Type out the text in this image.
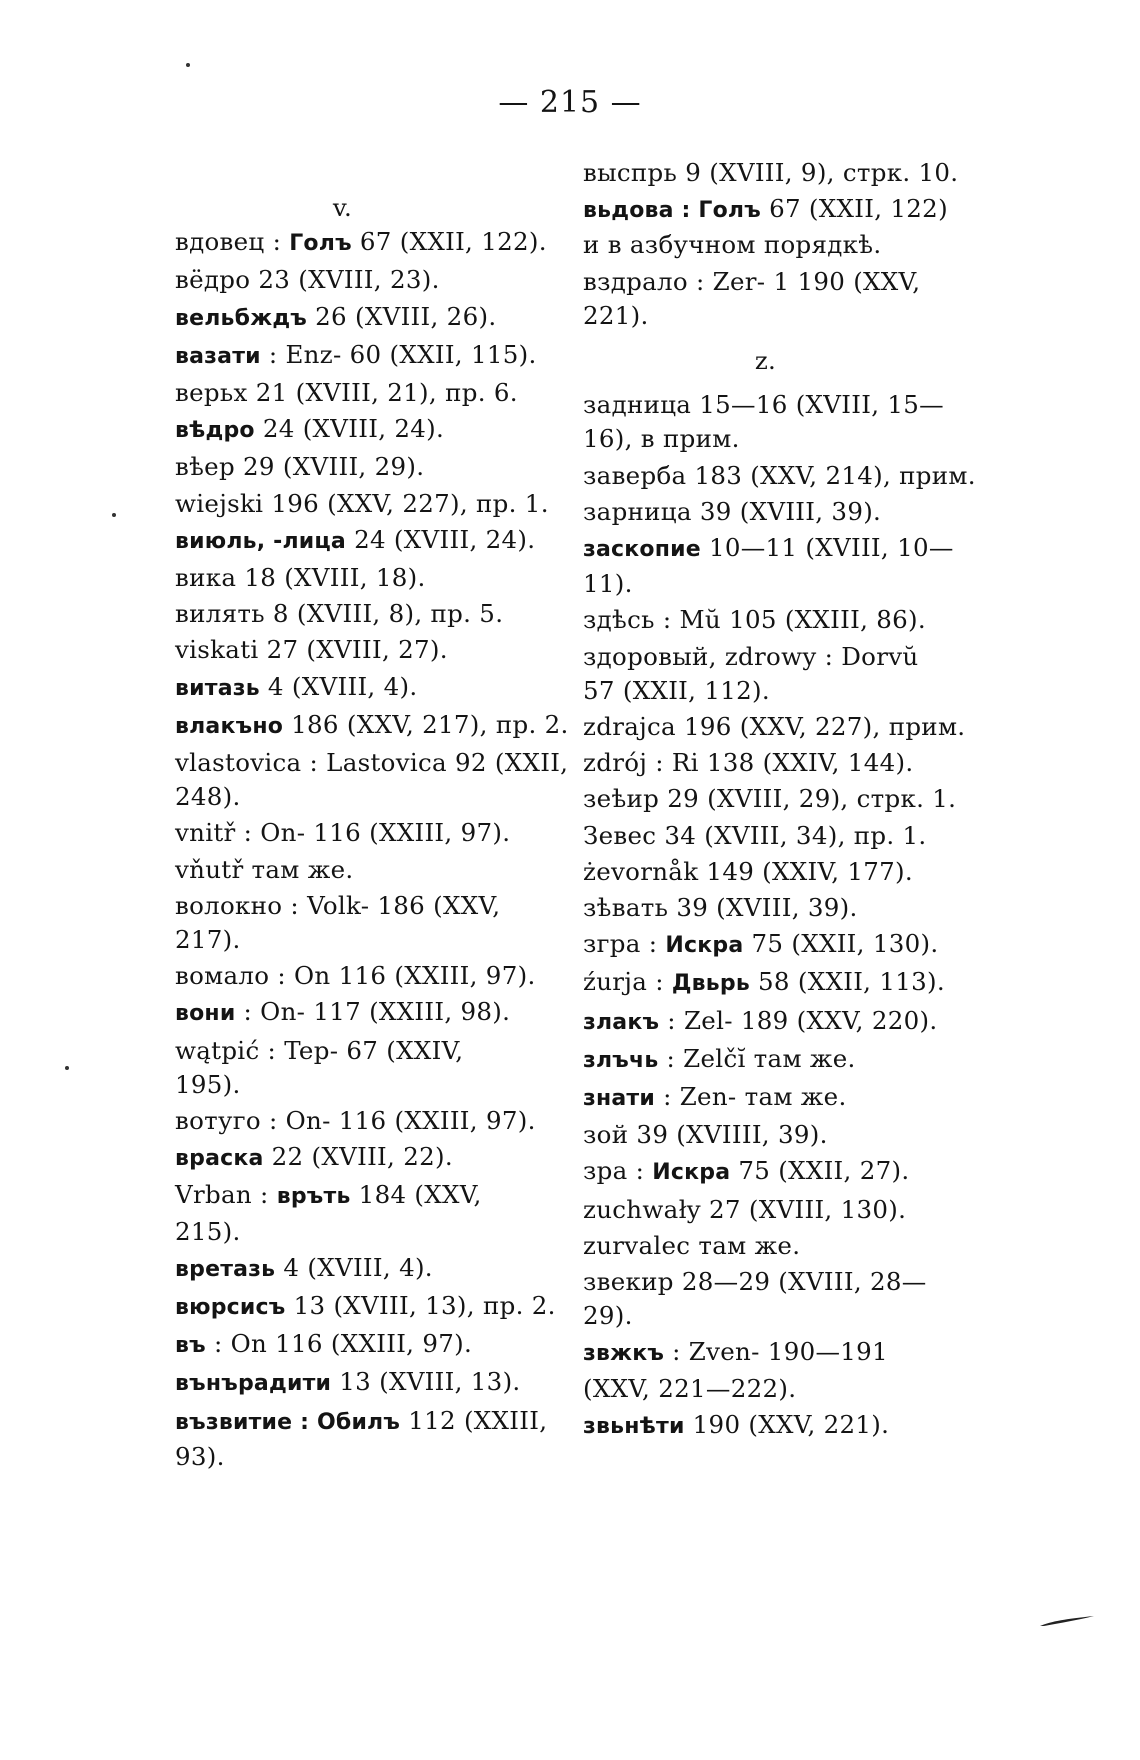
— 215 —
v.
вдовец : Голъ 67 (XXII, 122).
вёдро 23 (XVIII, 23).
вельбждъ 26 (XVIII, 26).
вазати : Enz- 60 (XXII, 115).
верьх 21 (XVIII, 21), пр. 6.
вѣдро 24 (XVIII, 24).
вѣер 29 (XVIII, 29).
wiejski 196 (XXV, 227), пр. 1.
виюль, -лица 24 (XVIII, 24).
вика 18 (XVIII, 18).
вилять 8 (XVIII, 8), пр. 5.
viskati 27 (XVIII, 27).
витазь 4 (XVIII, 4).
влакъно 186 (XXV, 217), пр. 2.
vlastovica : Lastovica 92 (XXII,
248).
vnitř : On- 116 (XXIII, 97).
vňutř там же.
волокно : Volk- 186 (XXV,
217).
вомало : On 116 (XXIII, 97).
вони : On- 117 (XXIII, 98).
wątpić : Tep- 67 (XXIV,
195).
вотуго : On- 116 (XXIII, 97).
враска 22 (XVIII, 22).
Vrban : връть 184 (XXV,
215).
вретазь 4 (XVIII, 4).
вюрсисъ 13 (XVIII, 13), пр. 2.
въ : On 116 (XXIII, 97).
вънърадити 13 (XVIII, 13).
възвитие : Обилъ 112 (XXIII,
93).
выспрь 9 (XVIII, 9), стрк. 10.
вьдова : Голъ 67 (XXII, 122)
и в азбучном порядкѣ.
вздрало : Zer- 1 190 (XXV,
221).
z.
задница 15—16 (XVIII, 15—
16), в прим.
заверба 183 (XXV, 214), прим.
зарница 39 (XVIII, 39).
заскопие 10—11 (XVIII, 10—
11).
здѣсь : Mŭ 105 (XXIII, 86).
здоровый, zdrowy : Dorvŭ
57 (XXII, 112).
zdrajca 196 (XXV, 227), прим.
zdrój : Ri 138 (XXIV, 144).
зеѣир 29 (XVIII, 29), стрк. 1.
Зевес 34 (XVIII, 34), пр. 1.
żevornåk 149 (XXIV, 177).
зѣвать 39 (XVIII, 39).
згра : Искра 75 (XXII, 130).
źurja : Двьрь 58 (XXII, 113).
злакъ : Zel- 189 (XXV, 220).
злъчь : Zelčĭ там же.
знати : Zen- там же.
зой 39 (XVIIII, 39).
зра : Искра 75 (XXII, 27).
zuchwały 27 (XVIII, 130).
zurvalec там же.
звекир 28—29 (XVIII, 28—
29).
звжкъ : Zven- 190—191
(XXV, 221—222).
звьнѣти 190 (XXV, 221).
